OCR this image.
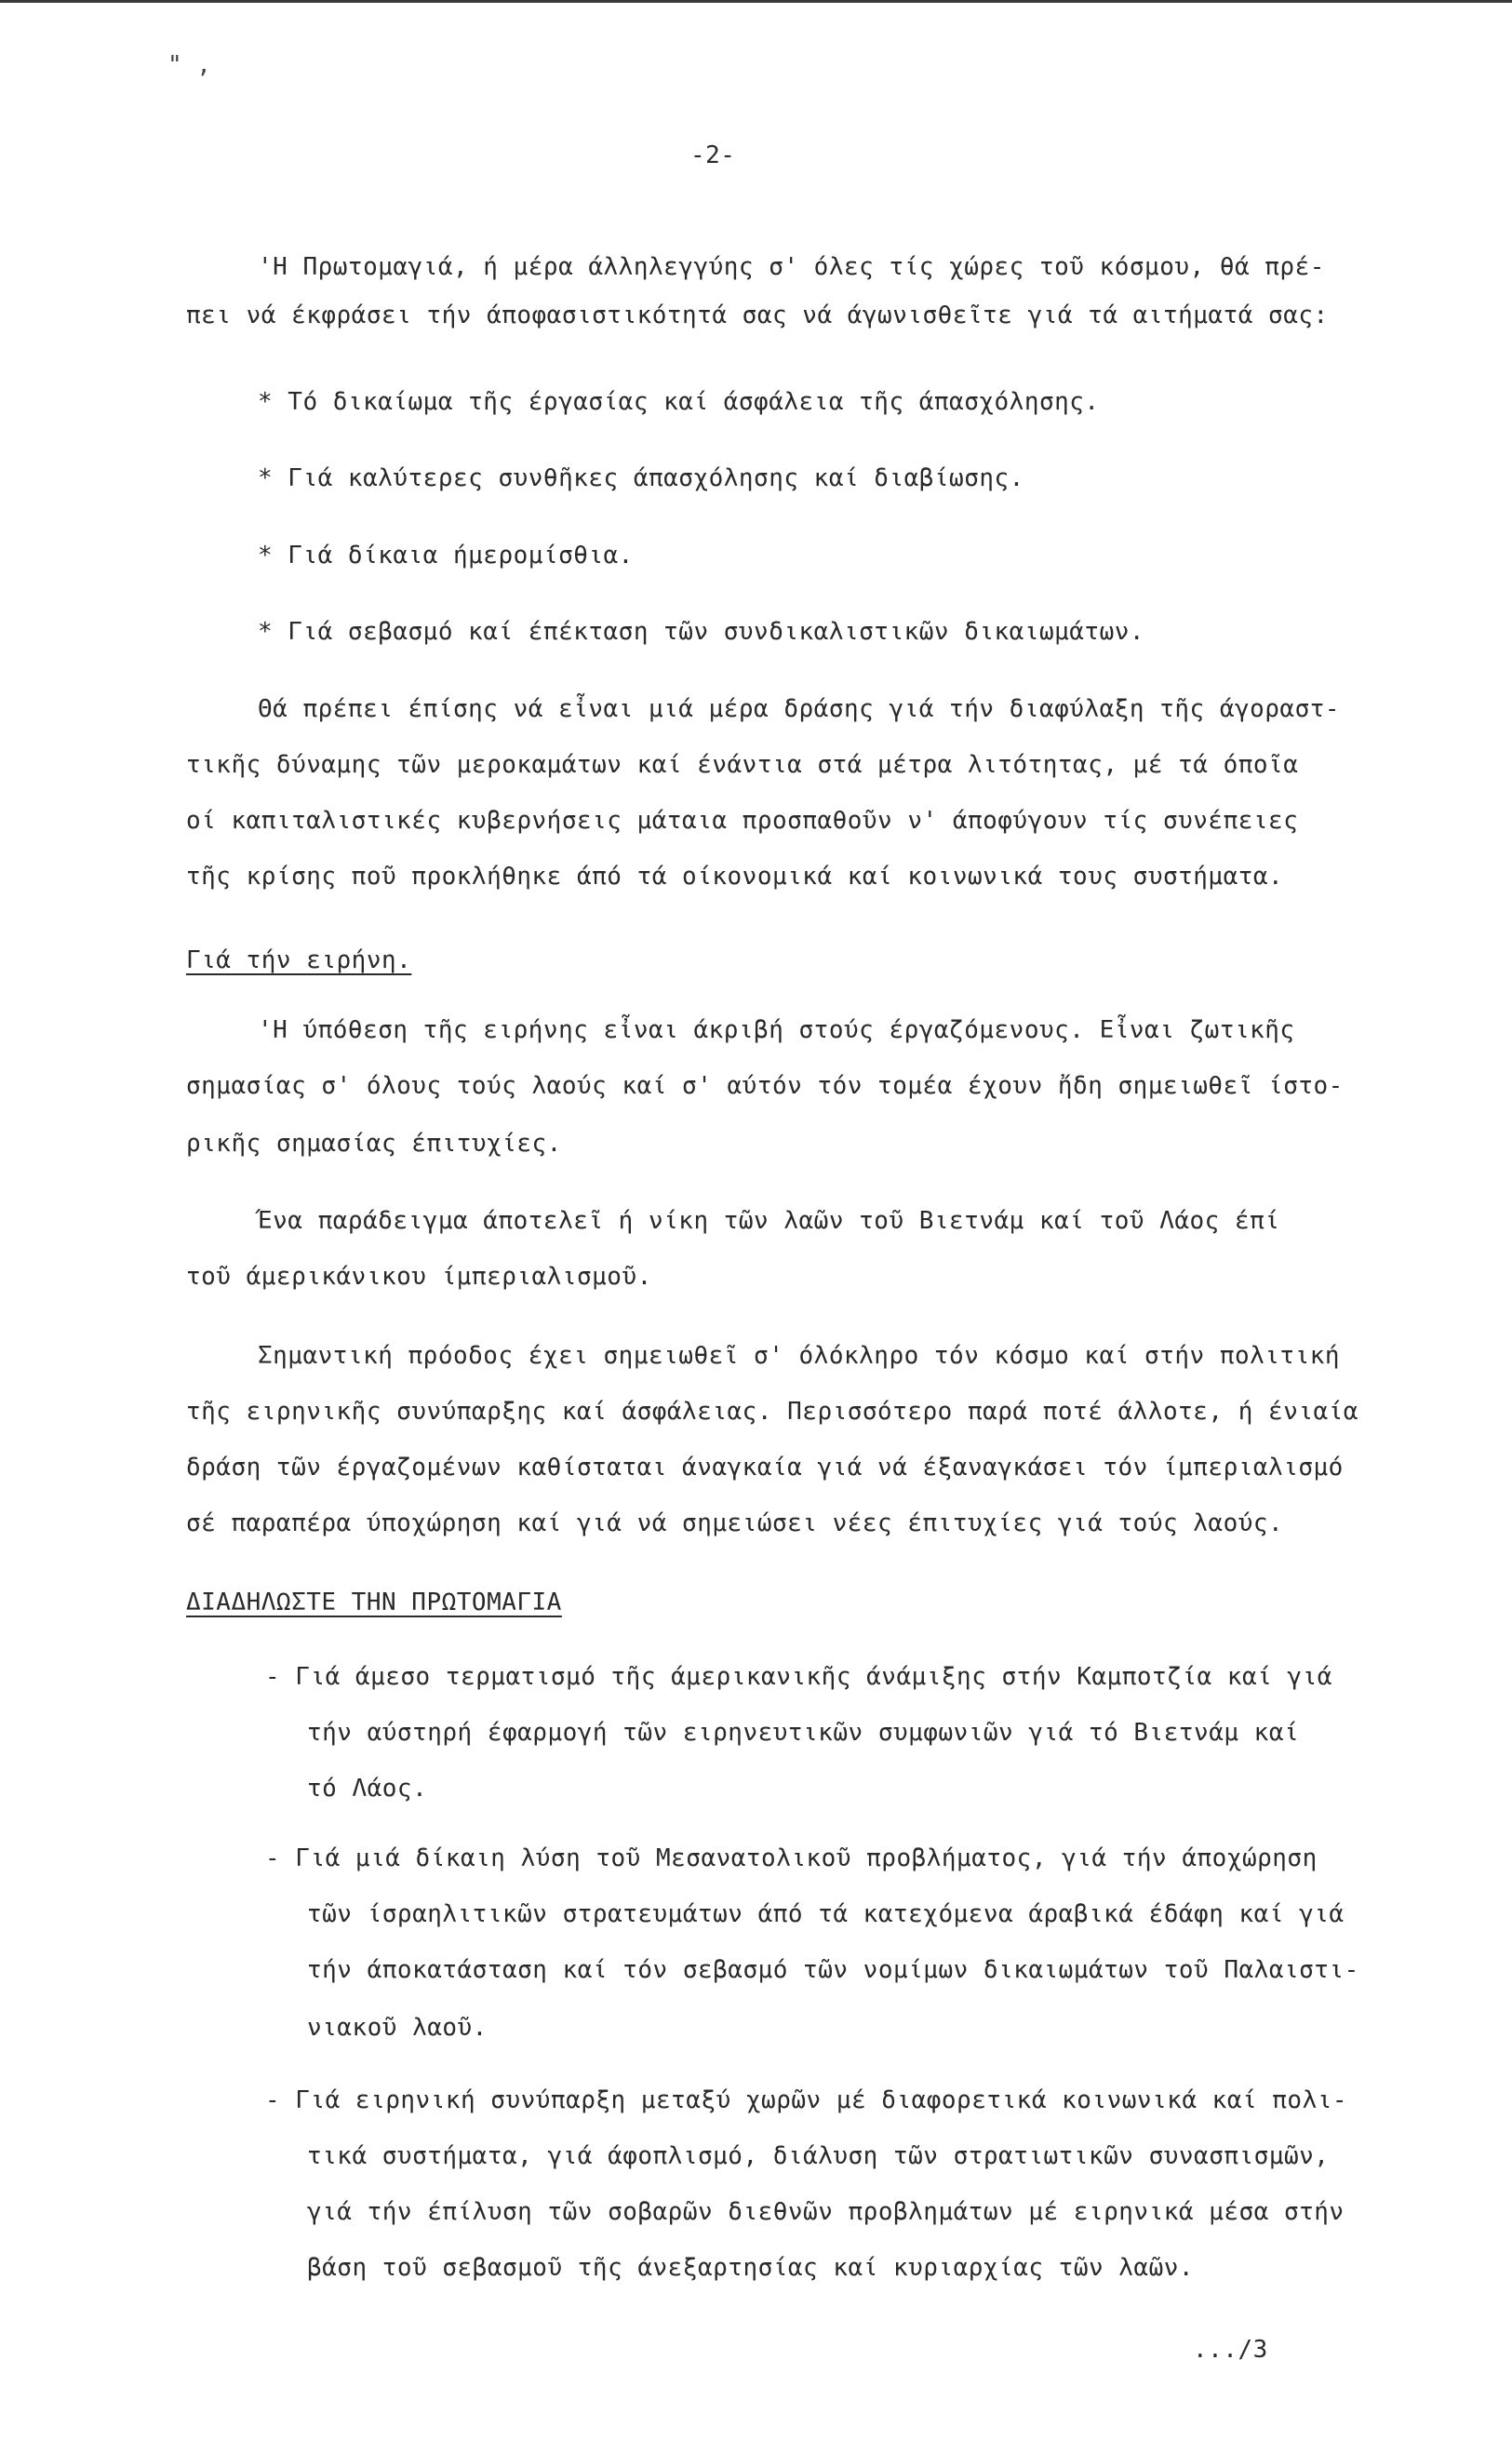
" ,
-2-
'Η Πρωτομαγιά, ή μέρα άλληλεγγύης σ' όλες τίς χώρες τοῦ κόσμου, θά πρέ-
πει νά έκφράσει τήν άποφασιστικότητά σας νά άγωνισθεῖτε γιά τά αιτήματά σας:
* Τό δικαίωμα τῆς έργασίας καί άσφάλεια τῆς άπασχόλησης.
* Γιά καλύτερες συνθῆκες άπασχόλησης καί διαβίωσης.
* Γιά δίκαια ήμερομίσθια.
* Γιά σεβασμό καί έπέκταση τῶν συνδικαλιστικῶν δικαιωμάτων.
Θά πρέπει έπίσης νά εἶναι μιά μέρα δράσης γιά τήν διαφύλαξη τῆς άγοραστ-
τικῆς δύναμης τῶν μεροκαμάτων καί ένάντια στά μέτρα λιτότητας, μέ τά όποῖα
οί καπιταλιστικές κυβερνήσεις μάταια προσπαθοῦν ν' άποφύγουν τίς συνέπειες
τῆς κρίσης ποῦ προκλήθηκε άπό τά οίκονομικά καί κοινωνικά τους συστήματα.
Γιά τήν ειρήνη.
'Η ύπόθεση τῆς ειρήνης εἶναι άκριβή στούς έργαζόμενους. Εἶναι ζωτικῆς
σημασίας σ' όλους τούς λαούς καί σ' αύτόν τόν τομέα έχουν ἤδη σημειωθεῖ ίστο-
ρικῆς σημασίας έπιτυχίες.
Ένα παράδειγμα άποτελεῖ ή νίκη τῶν λαῶν τοῦ Βιετνάμ καί τοῦ Λάος έπί
τοῦ άμερικάνικου ίμπεριαλισμοῦ.
Σημαντική πρόοδος έχει σημειωθεῖ σ' όλόκληρο τόν κόσμο καί στήν πολιτική
τῆς ειρηνικῆς συνύπαρξης καί άσφάλειας. Περισσότερο παρά ποτέ άλλοτε, ή ένιαία
δράση τῶν έργαζομένων καθίσταται άναγκαία γιά νά έξαναγκάσει τόν ίμπεριαλισμό
σέ παραπέρα ύποχώρηση καί γιά νά σημειώσει νέες έπιτυχίες γιά τούς λαούς.
ΔΙΑΔΗΛΩΣΤΕ ΤΗΝ ΠΡΩΤΟΜΑΓΙΑ
- Γιά άμεσο τερματισμό τῆς άμερικανικῆς άνάμιξης στήν Καμποτζία καί γιά
τήν αύστηρή έφαρμογή τῶν ειρηνευτικῶν συμφωνιῶν γιά τό Βιετνάμ καί
τό Λάος.
- Γιά μιά δίκαιη λύση τοῦ Μεσανατολικοῦ προβλήματος, γιά τήν άποχώρηση
τῶν ίσραηλιτικῶν στρατευμάτων άπό τά κατεχόμενα άραβικά έδάφη καί γιά
τήν άποκατάσταση καί τόν σεβασμό τῶν νομίμων δικαιωμάτων τοῦ Παλαιστι-
νιακοῦ λαοῦ.
- Γιά ειρηνική συνύπαρξη μεταξύ χωρῶν μέ διαφορετικά κοινωνικά καί πολι-
τικά συστήματα, γιά άφοπλισμό, διάλυση τῶν στρατιωτικῶν συνασπισμῶν,
γιά τήν έπίλυση τῶν σοβαρῶν διεθνῶν προβλημάτων μέ ειρηνικά μέσα στήν
βάση τοῦ σεβασμοῦ τῆς άνεξαρτησίας καί κυριαρχίας τῶν λαῶν.
.../3
